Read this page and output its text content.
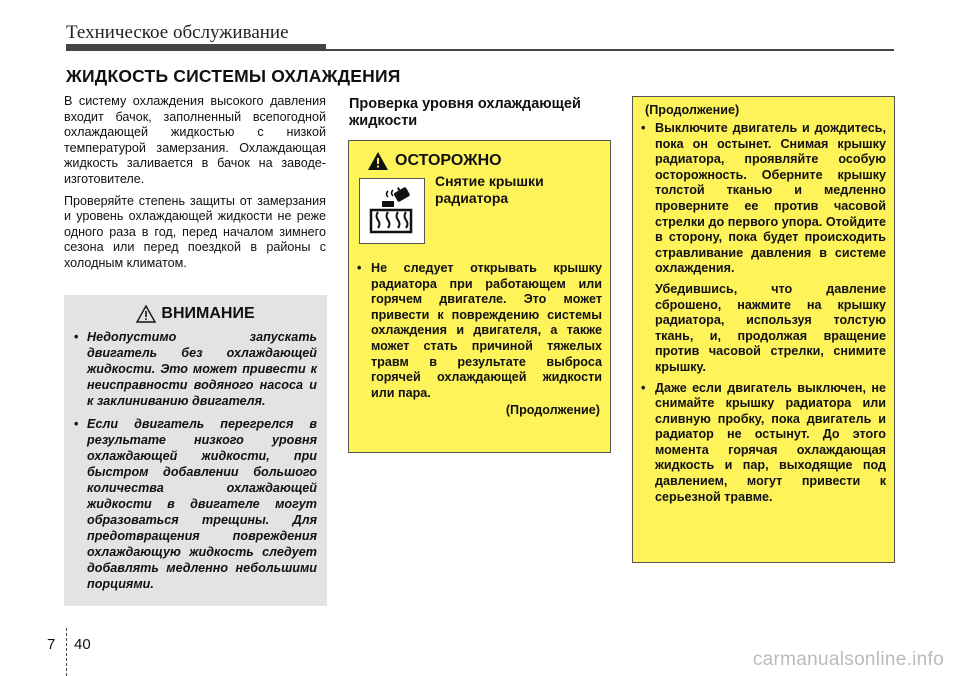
Техническое обслуживание
ЖИДКОСТЬ СИСТЕМЫ ОХЛАЖДЕНИЯ

В систему охлаждения высокого давления входит бачок, заполненный всепогодной охлаждающей жидкостью с низкой температурой замерзания. Охлаждающая жидкость заливается в бачок на заводе-изготовителе.

Проверяйте степень защиты от замерзания и уровень охлаждающей жидкости не реже одного раза в год, перед началом зимнего сезона или перед поездкой в районы с холодным климатом.

ВНИМАНИЕ
• Недопустимо запускать двигатель без охлаждающей жидкости. Это может привести к неисправности водяного насоса и к заклиниванию двигателя.
• Если двигатель перегрелся в результате низкого уровня охлаждающей жидкости, при быстром добавлении большого количества охлаждающей жидкости в двигателе могут образоваться трещины. Для предотвращения повреждения охлаждающую жидкость следует добавлять медленно небольшими порциями.
Проверка уровня охлаждающей жидкости
ОСТОРОЖНО
Снятие крышки радиатора
• Не следует открывать крышку радиатора при работающем или горячем двигателе. Это может привести к повреждению системы охлаждения и двигателя, а также может стать причиной тяжелых травм в результате выброса горячей охлаждающей жидкости или пара.
(Продолжение)
(Продолжение)

• Выключите двигатель и дождитесь, пока он остынет. Снимая крышку радиатора, проявляйте особую осторожность. Оберните крышку толстой тканью и медленно проверните ее против часовой стрелки до первого упора. Отойдите в сторону, пока будет происходить стравливание давления в системе охлаждения.

Убедившись, что давление сброшено, нажмите на крышку радиатора, используя толстую ткань, и, продолжая вращение против часовой стрелки, снимите крышку.

• Даже если двигатель выключен, не снимайте крышку радиатора или сливную пробку, пока двигатель и радиатор не остынут. До этого момента горячая охлаждающая жидкость и пар, выходящие под давлением, могут привести к серьезной травме.

7 40
carmanualsonline.info
